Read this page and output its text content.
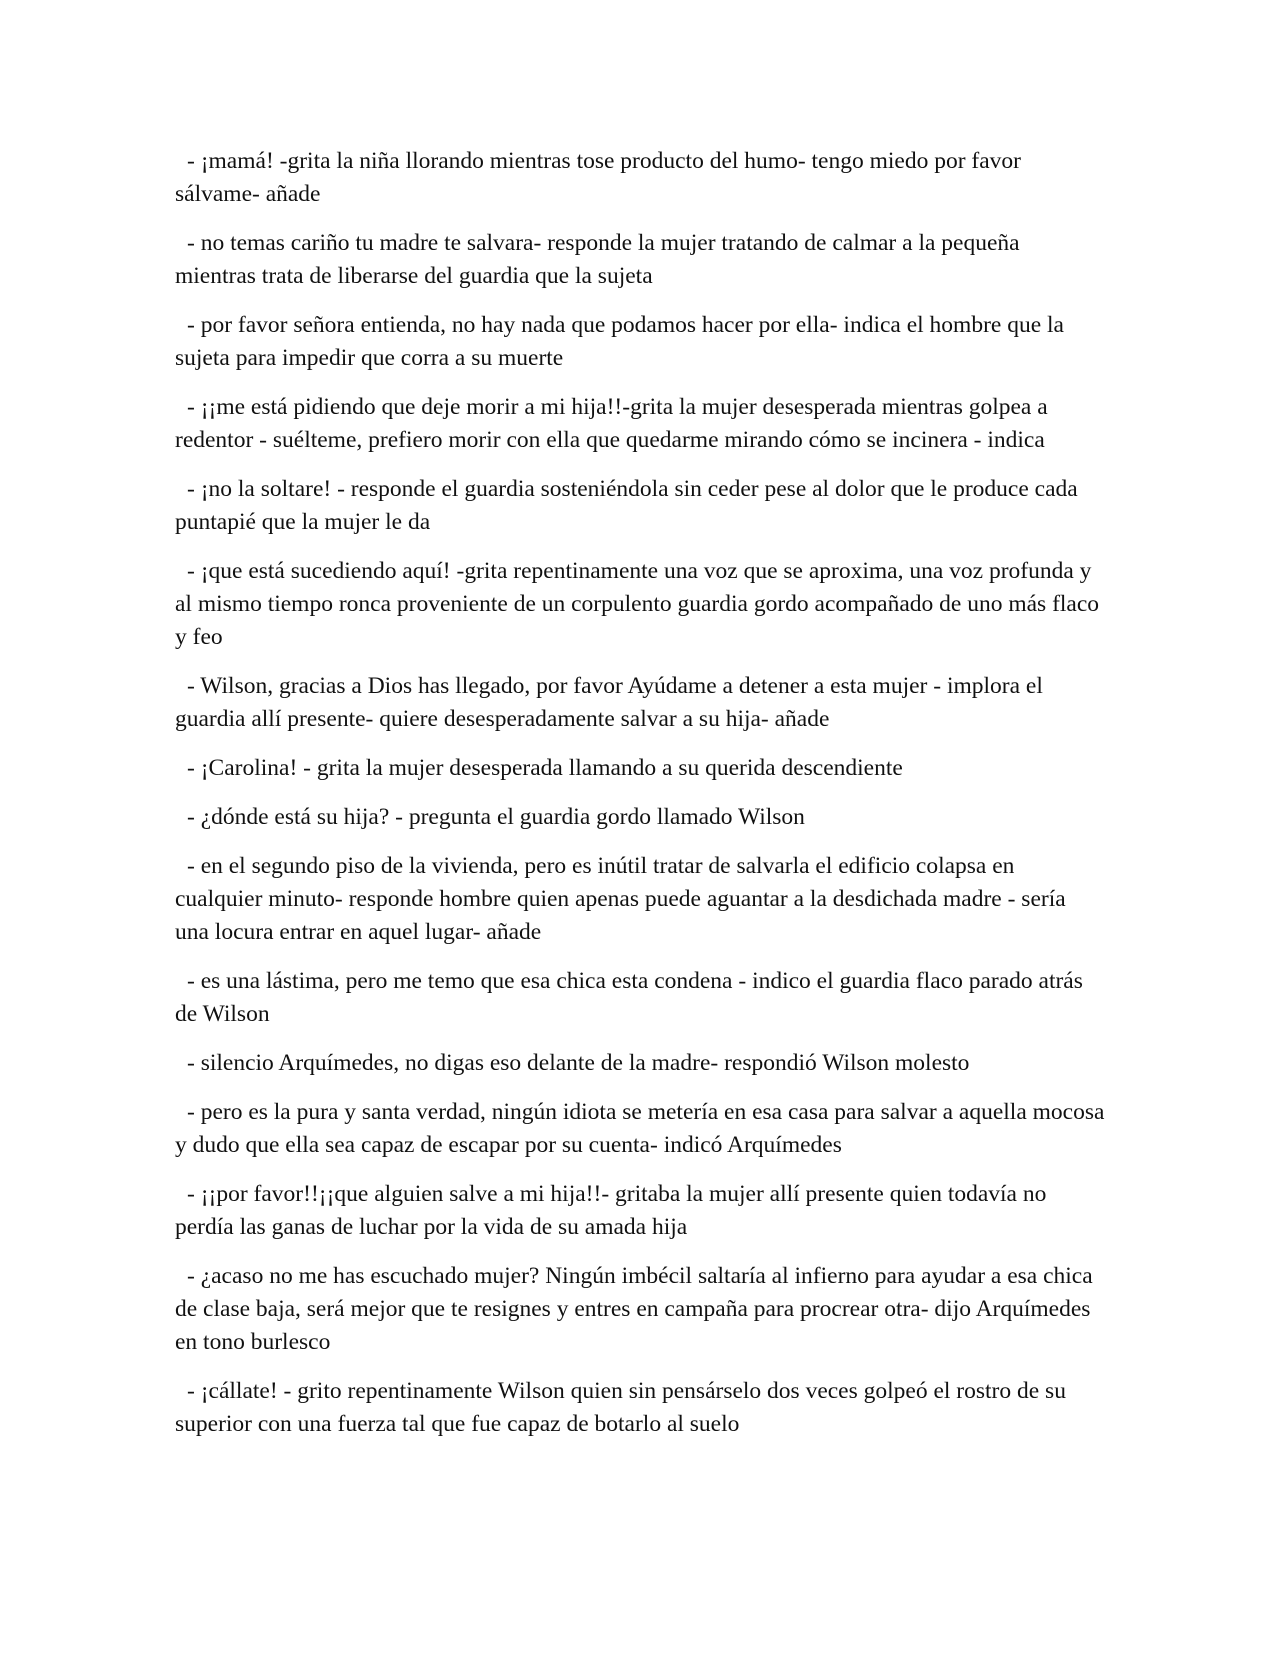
- ¡mamá! -grita la niña llorando mientras tose producto del humo- tengo miedo por favor sálvame- añade

- no temas cariño tu madre te salvara- responde la mujer tratando de calmar a la pequeña mientras trata de liberarse del guardia que la sujeta

- por favor señora entienda, no hay nada que podamos hacer por ella- indica el hombre que la sujeta para impedir que corra a su muerte

- ¡¡me está pidiendo que deje morir a mi hija!!-grita la mujer desesperada mientras golpea a redentor - suélteme, prefiero morir con ella que quedarme mirando cómo se incinera - indica

- ¡no la soltare! - responde el guardia sosteniéndola sin ceder pese al dolor que le produce cada puntapié que la mujer le da

- ¡que está sucediendo aquí! -grita repentinamente una voz que se aproxima, una voz profunda y al mismo tiempo ronca proveniente de un corpulento guardia gordo acompañado de uno más flaco y feo

- Wilson, gracias a Dios has llegado, por favor Ayúdame a detener a esta mujer - implora el guardia allí presente- quiere desesperadamente salvar a su hija- añade

- ¡Carolina! - grita la mujer desesperada llamando a su querida descendiente

- ¿dónde está su hija? - pregunta el guardia gordo llamado Wilson

- en el segundo piso de la vivienda, pero es inútil tratar de salvarla el edificio colapsa en cualquier minuto- responde hombre quien apenas puede aguantar a la desdichada madre - sería una locura entrar en aquel lugar- añade

- es una lástima, pero me temo que esa chica esta condena - indico el guardia flaco parado atrás de Wilson

- silencio Arquímedes, no digas eso delante de la madre- respondió Wilson molesto

- pero es la pura y santa verdad, ningún idiota se metería en esa casa para salvar a aquella mocosa y dudo que ella sea capaz de escapar por su cuenta- indicó Arquímedes

- ¡¡por favor!!¡¡que alguien salve a mi hija!!- gritaba la mujer allí presente quien todavía no perdía las ganas de luchar por la vida de su amada hija

- ¿acaso no me has escuchado mujer? Ningún imbécil saltaría al infierno para ayudar a esa chica de clase baja, será mejor que te resignes y entres en campaña para procrear otra- dijo Arquímedes en tono burlesco

- ¡cállate! - grito repentinamente Wilson quien sin pensárselo dos veces golpeó el rostro de su superior con una fuerza tal que fue capaz de botarlo al suelo
